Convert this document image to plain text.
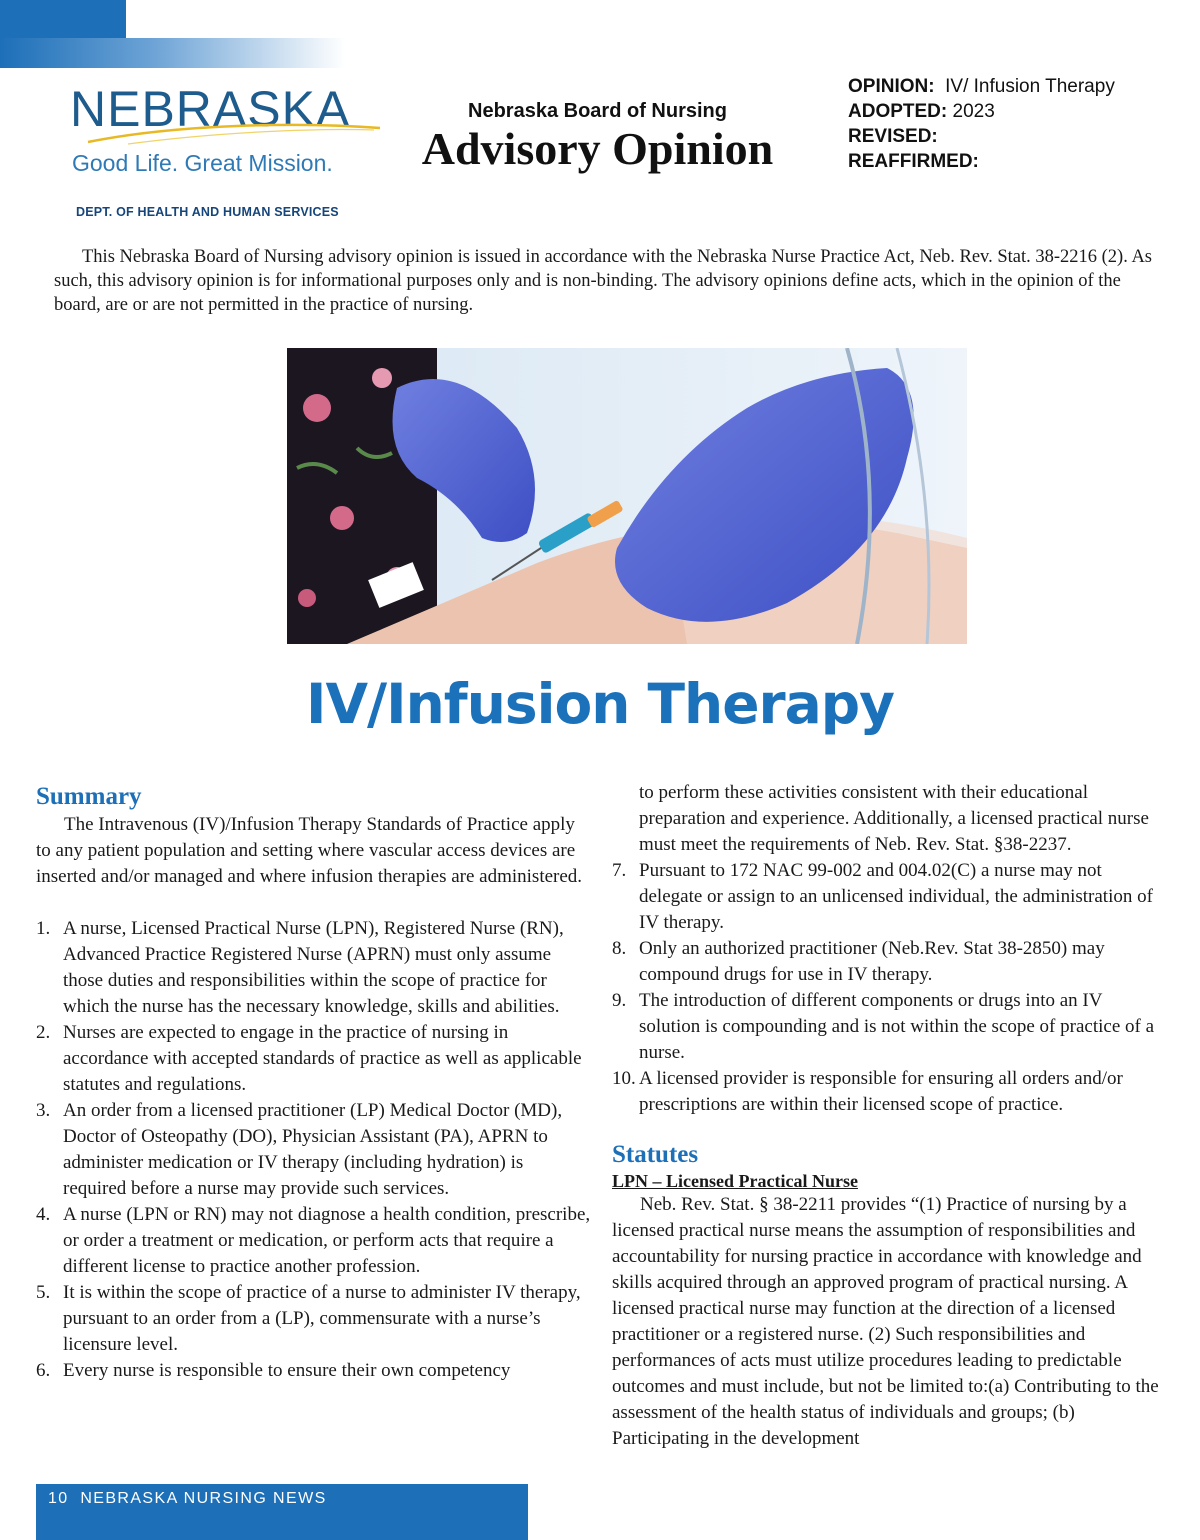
NEBRASKA
Good Life. Great Mission.
DEPT. OF HEALTH AND HUMAN SERVICES
Nebraska Board of Nursing
Advisory Opinion
OPINION: IV/ Infusion Therapy
ADOPTED: 2023
REVISED:
REAFFIRMED:

This Nebraska Board of Nursing advisory opinion is issued in accordance with the Nebraska Nurse Practice Act, Neb. Rev. Stat. 38-2216 (2). As such, this advisory opinion is for informational purposes only and is non-binding. The advisory opinions define acts, which in the opinion of the board, are or are not permitted in the practice of nursing.

IV/Infusion Therapy
Summary

The Intravenous (IV)/Infusion Therapy Standards of Practice apply to any patient population and setting where vascular access devices are inserted and/or managed and where infusion therapies are administered.

1. A nurse, Licensed Practical Nurse (LPN), Registered Nurse (RN), Advanced Practice Registered Nurse (APRN) must only assume those duties and responsibilities within the scope of practice for which the nurse has the necessary knowledge, skills and abilities.
2. Nurses are expected to engage in the practice of nursing in accordance with accepted standards of practice as well as applicable statutes and regulations.
3. An order from a licensed practitioner (LP) Medical Doctor (MD), Doctor of Osteopathy (DO), Physician Assistant (PA), APRN to administer medication or IV therapy (including hydration) is required before a nurse may provide such services.
4. A nurse (LPN or RN) may not diagnose a health condition, prescribe, or order a treatment or medication, or perform acts that require a different license to practice another profession.
5. It is within the scope of practice of a nurse to administer IV therapy, pursuant to an order from a (LP), commensurate with a nurse’s licensure level.
6. Every nurse is responsible to ensure their own competency

to perform these activities consistent with their educational preparation and experience. Additionally, a licensed practical nurse must meet the requirements of Neb. Rev. Stat. §38-2237.

7. Pursuant to 172 NAC 99-002 and 004.02(C) a nurse may not delegate or assign to an unlicensed individual, the administration of IV therapy.
8. Only an authorized practitioner (Neb.Rev. Stat 38-2850) may compound drugs for use in IV therapy.
9. The introduction of different components or drugs into an IV solution is compounding and is not within the scope of practice of a nurse.
10. A licensed provider is responsible for ensuring all orders and/or prescriptions are within their licensed scope of practice.
Statutes
LPN – Licensed Practical Nurse

Neb. Rev. Stat. § 38-2211 provides “(1) Practice of nursing by a licensed practical nurse means the assumption of responsibilities and accountability for nursing practice in accordance with knowledge and skills acquired through an approved program of practical nursing. A licensed practical nurse may function at the direction of a licensed practitioner or a registered nurse. (2) Such responsibilities and performances of acts must utilize procedures leading to predictable outcomes and must include, but not be limited to:(a) Contributing to the assessment of the health status of individuals and groups; (b) Participating in the development

10 NEBRASKA NURSING NEWS
